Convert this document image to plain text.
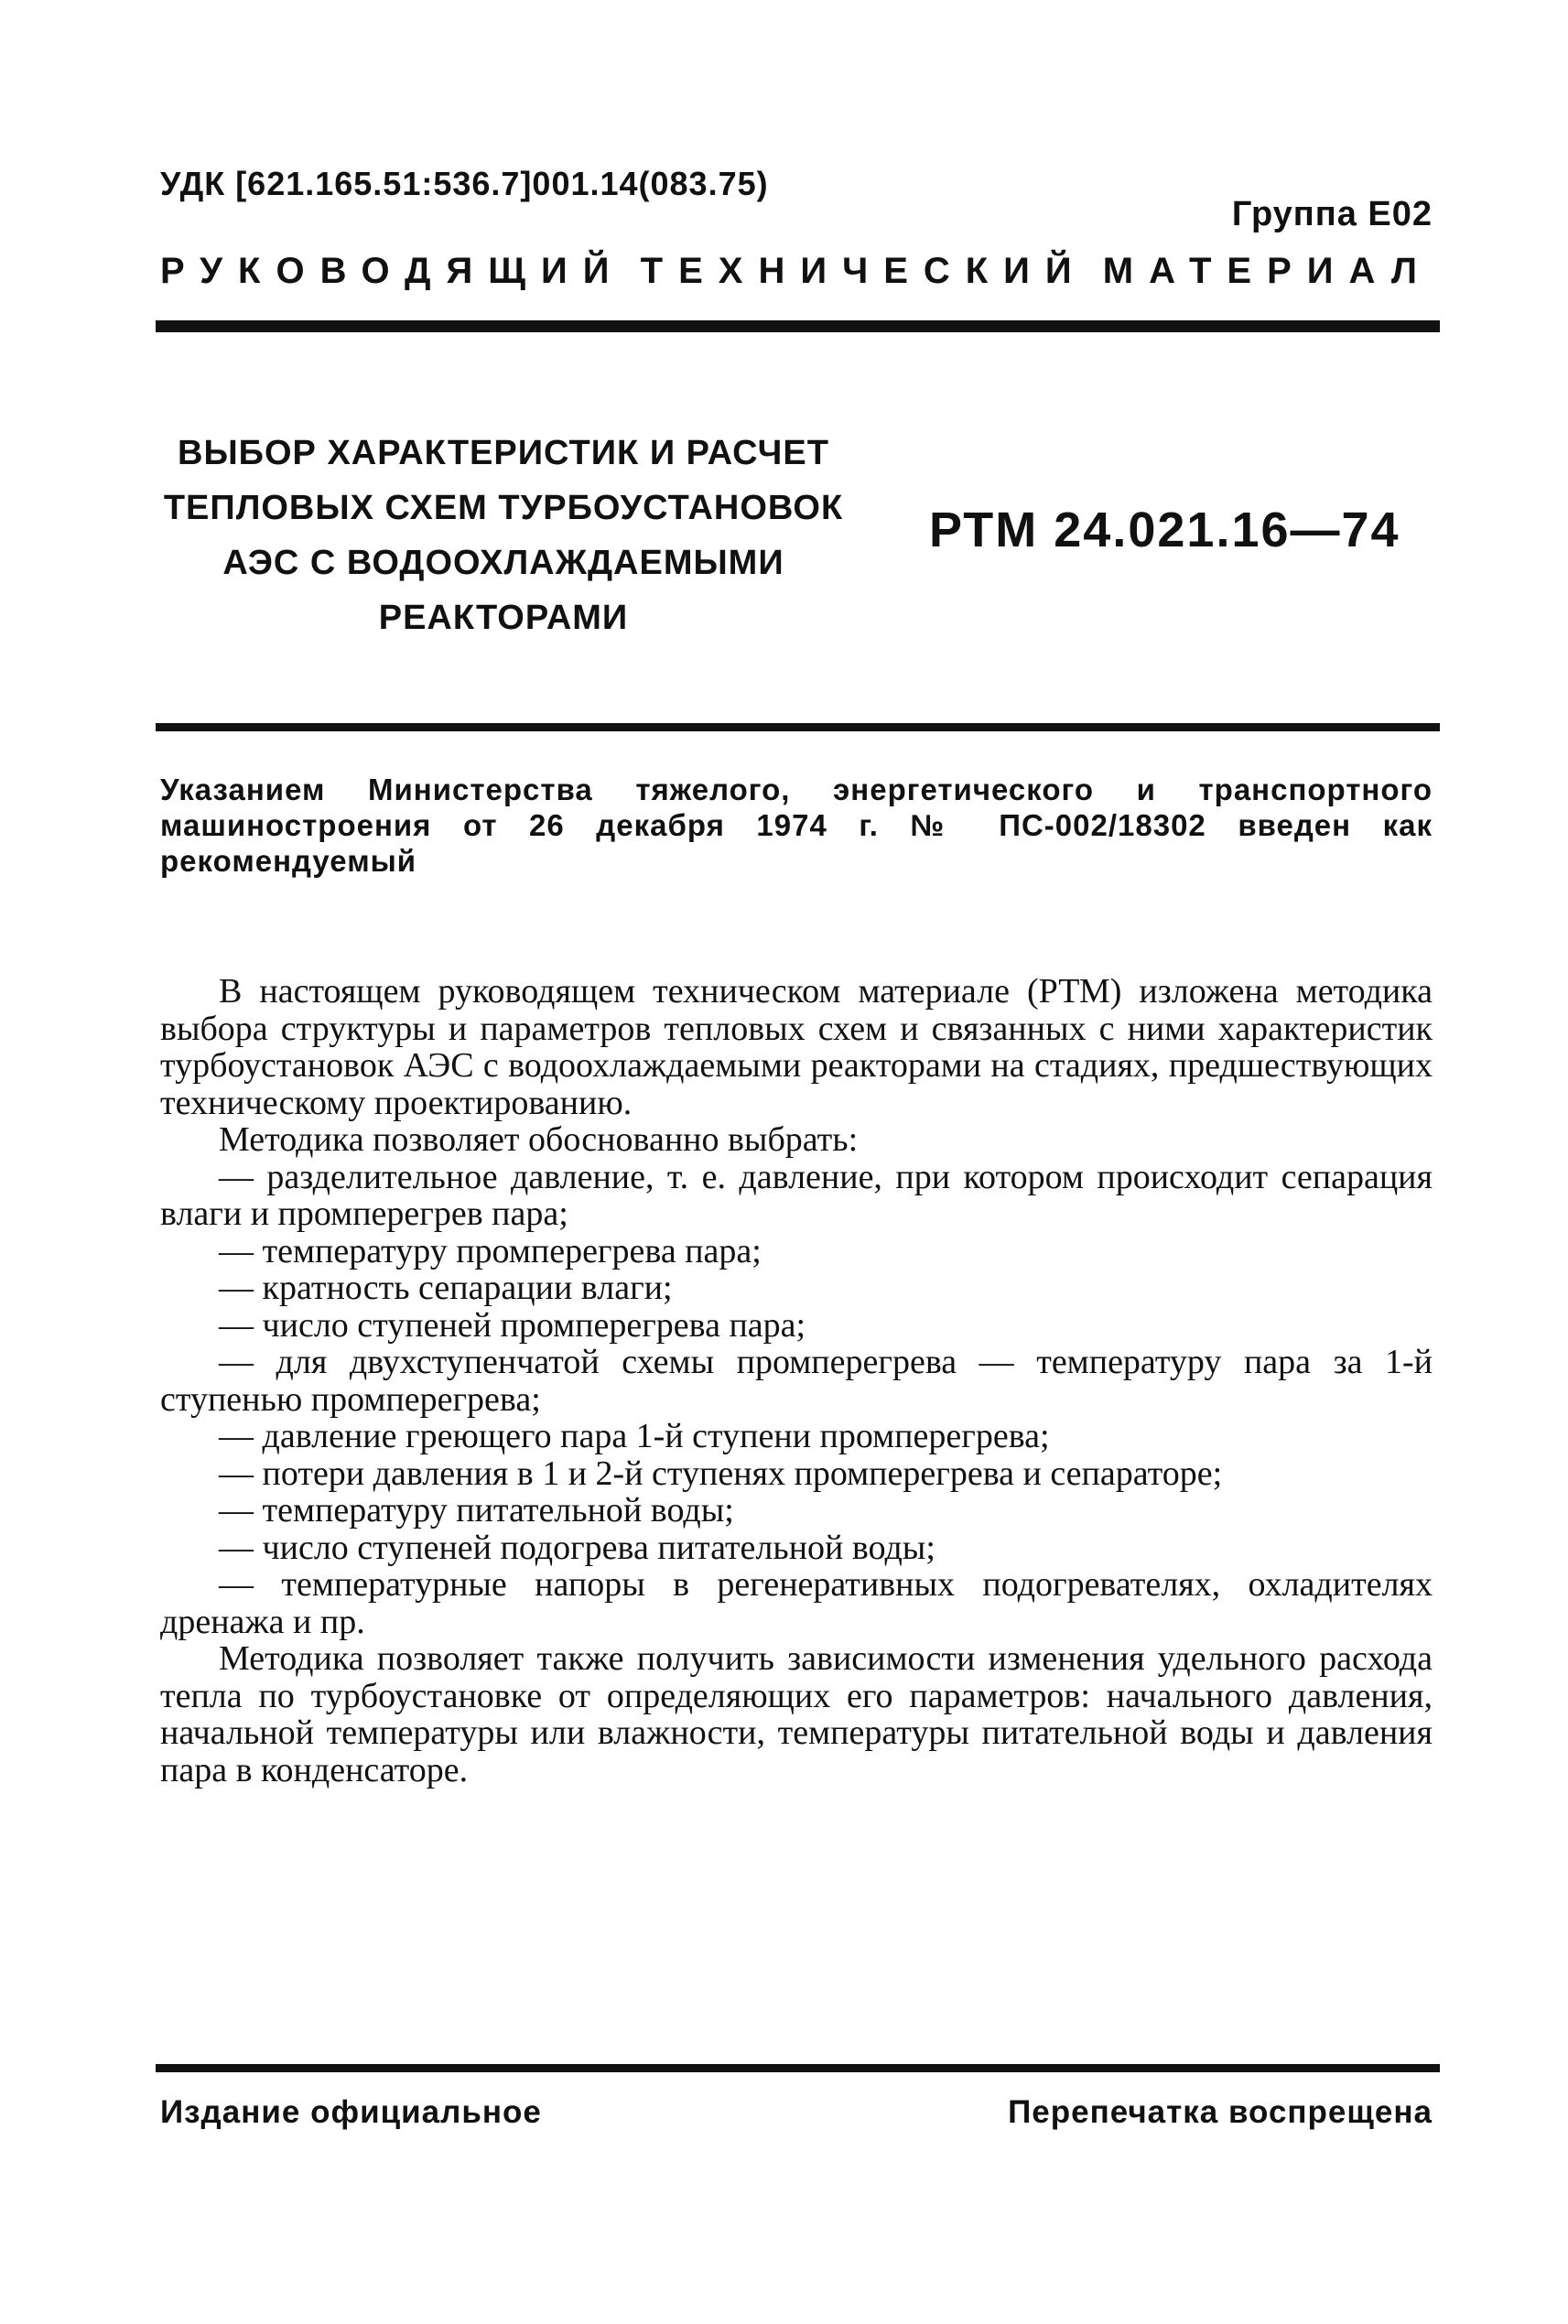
УДК [621.165.51:536.7]001.14(083.75)
Группа Е02
РУКОВОДЯЩИЙ ТЕХНИЧЕСКИЙ МАТЕРИАЛ
ВЫБОР ХАРАКТЕРИСТИК И РАСЧЕТ
ТЕПЛОВЫХ СХЕМ ТУРБОУСТАНОВОК
АЭС С ВОДООХЛАЖДАЕМЫМИ
РЕАКТОРАМИ
РТМ 24.021.16—74
Указанием Министерства тяжелого, энергетического и транспортного машиностроения от 26 декабря 1974 г. № ПС-002/18302 введен как рекомендуемый

В настоящем руководящем техническом материале (РТМ) изложена методика выбора структуры и параметров тепловых схем и связанных с ними характеристик турбоустановок АЭС с водоохлаждаемыми реакторами на стадиях, предшествующих техническому проектированию.

Методика позволяет обоснованно выбрать:

— разделительное давление, т. е. давление, при котором происходит сепарация влаги и промперегрев пара;

— температуру промперегрева пара;

— кратность сепарации влаги;

— число ступеней промперегрева пара;

— для двухступенчатой схемы промперегрева — температуру пара за 1-й ступенью промперегрева;

— давление греющего пара 1-й ступени промперегрева;

— потери давления в 1 и 2-й ступенях промперегрева и сепараторе;

— температуру питательной воды;

— число ступеней подогрева питательной воды;

— температурные напоры в регенеративных подогревателях, охладителях дренажа и пр.

Методика позволяет также получить зависимости изменения удельного расхода тепла по турбоустановке от определяющих его параметров: начального давления, начальной температуры или влажности, температуры питательной воды и давления пара в конденсаторе.

Издание официальное	Перепечатка воспрещена
